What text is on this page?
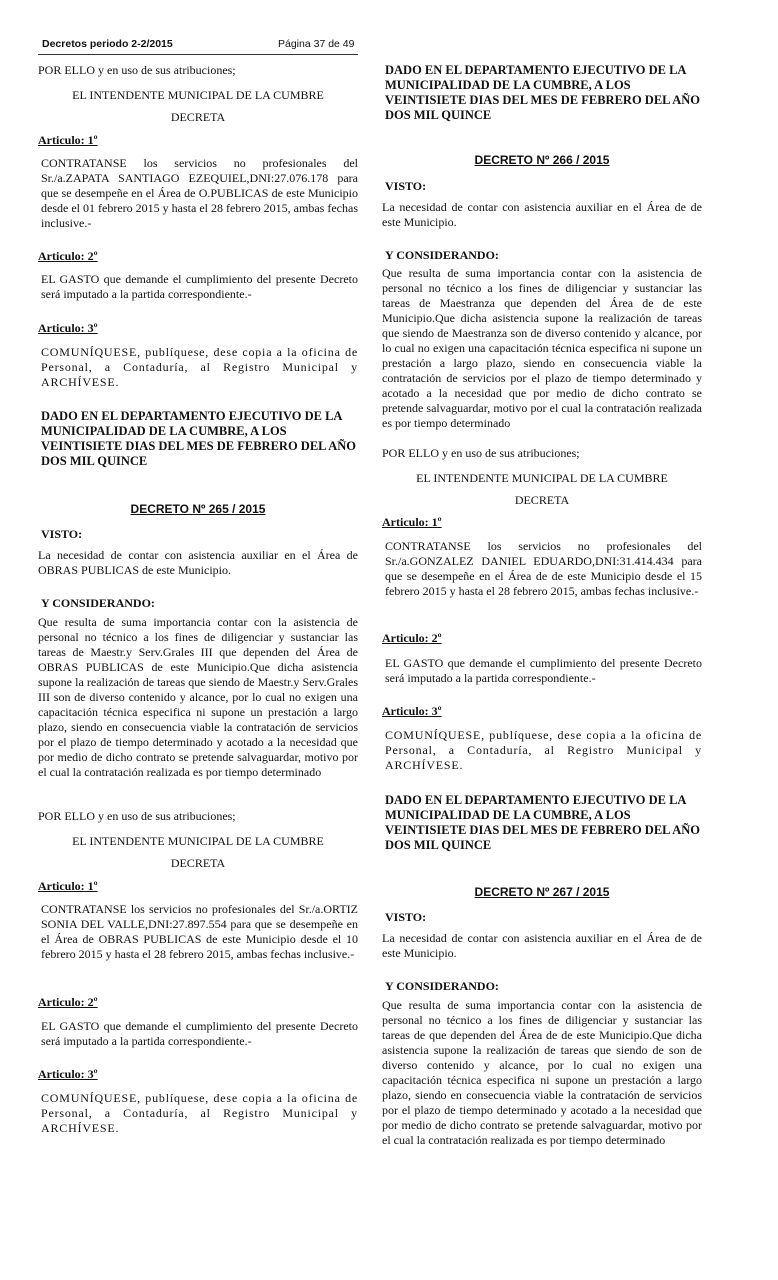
Decretos periodo 2-2/2015	Página 37 de 49

POR ELLO y en uso de sus atribuciones;

EL INTENDENTE MUNICIPAL DE LA CUMBRE

DECRETA

Articulo: 1º

CONTRATANSE los servicios no profesionales del Sr./a.ZAPATA SANTIAGO EZEQUIEL,DNI:27.076.178 para que se desempeñe en el Área de O.PUBLICAS de este Municipio desde el 01 febrero 2015 y hasta el 28 febrero 2015, ambas fechas inclusive.-

Articulo: 2º

EL GASTO que demande el cumplimiento del presente Decreto será imputado a la partida correspondiente.-

Articulo: 3º

COMUNÍQUESE, publíquese, dese copia a la oficina de Personal, a Contaduría, al Registro Municipal y ARCHÍVESE.

DADO EN EL DEPARTAMENTO EJECUTIVO DE LA MUNICIPALIDAD DE LA CUMBRE, A LOS VEINTISIETE DIAS DEL MES DE FEBRERO DEL AÑO DOS MIL QUINCE

DECRETO Nº 265 / 2015

VISTO:

La necesidad de contar con asistencia auxiliar en el Área de OBRAS PUBLICAS de este Municipio.

Y CONSIDERANDO:

Que resulta de suma importancia contar con la asistencia de personal no técnico a los fines de diligenciar y sustanciar las tareas de Maestr.y Serv.Grales III que dependen del Área de OBRAS PUBLICAS de este Municipio.Que dicha asistencia supone la realización de tareas que siendo de Maestr.y Serv.Grales III son de diverso contenido y alcance, por lo cual no exigen una capacitación técnica especifica ni supone un prestación a largo plazo, siendo en consecuencia viable la contratación de servicios por el plazo de tiempo determinado y acotado a la necesidad que por medio de dicho contrato se pretende salvaguardar, motivo por el cual la contratación realizada es por tiempo determinado

POR ELLO y en uso de sus atribuciones;

EL INTENDENTE MUNICIPAL DE LA CUMBRE

DECRETA

Articulo: 1º

CONTRATANSE los servicios no profesionales del Sr./a.ORTIZ SONIA DEL VALLE,DNI:27.897.554 para que se desempeñe en el Área de OBRAS PUBLICAS de este Municipio desde el 10 febrero 2015 y hasta el 28 febrero 2015, ambas fechas inclusive.-

Articulo: 2º

EL GASTO que demande el cumplimiento del presente Decreto será imputado a la partida correspondiente.-

Articulo: 3º

COMUNÍQUESE, publíquese, dese copia a la oficina de Personal, a Contaduría, al Registro Municipal y ARCHÍVESE.

DADO EN EL DEPARTAMENTO EJECUTIVO DE LA MUNICIPALIDAD DE LA CUMBRE, A LOS VEINTISIETE DIAS DEL MES DE FEBRERO DEL AÑO DOS MIL QUINCE

DECRETO Nº 266 / 2015

VISTO:

La necesidad de contar con asistencia auxiliar en el Área de de este Municipio.

Y CONSIDERANDO:

Que resulta de suma importancia contar con la asistencia de personal no técnico a los fines de diligenciar y sustanciar las tareas de Maestranza que dependen del Área de de este Municipio.Que dicha asistencia supone la realización de tareas que siendo de Maestranza son de diverso contenido y alcance, por lo cual no exigen una capacitación técnica especifica ni supone un prestación a largo plazo, siendo en consecuencia viable la contratación de servicios por el plazo de tiempo determinado y acotado a la necesidad que por medio de dicho contrato se pretende salvaguardar, motivo por el cual la contratación realizada es por tiempo determinado

POR ELLO y en uso de sus atribuciones;

EL INTENDENTE MUNICIPAL DE LA CUMBRE

DECRETA

Articulo: 1º

CONTRATANSE los servicios no profesionales del Sr./a.GONZALEZ DANIEL EDUARDO,DNI:31.414.434 para que se desempeñe en el Área de de este Municipio desde el 15 febrero 2015 y hasta el 28 febrero 2015, ambas fechas inclusive.-

Articulo: 2º

EL GASTO que demande el cumplimiento del presente Decreto será imputado a la partida correspondiente.-

Articulo: 3º

COMUNÍQUESE, publíquese, dese copia a la oficina de Personal, a Contaduría, al Registro Municipal y ARCHÍVESE.

DADO EN EL DEPARTAMENTO EJECUTIVO DE LA MUNICIPALIDAD DE LA CUMBRE, A LOS VEINTISIETE DIAS DEL MES DE FEBRERO DEL AÑO DOS MIL QUINCE

DECRETO Nº 267 / 2015

VISTO:

La necesidad de contar con asistencia auxiliar en el Área de de este Municipio.

Y CONSIDERANDO:

Que resulta de suma importancia contar con la asistencia de personal no técnico a los fines de diligenciar y sustanciar las tareas de que dependen del Área de de este Municipio.Que dicha asistencia supone la realización de tareas que siendo de son de diverso contenido y alcance, por lo cual no exigen una capacitación técnica especifica ni supone un prestación a largo plazo, siendo en consecuencia viable la contratación de servicios por el plazo de tiempo determinado y acotado a la necesidad que por medio de dicho contrato se pretende salvaguardar, motivo por el cual la contratación realizada es por tiempo determinado
